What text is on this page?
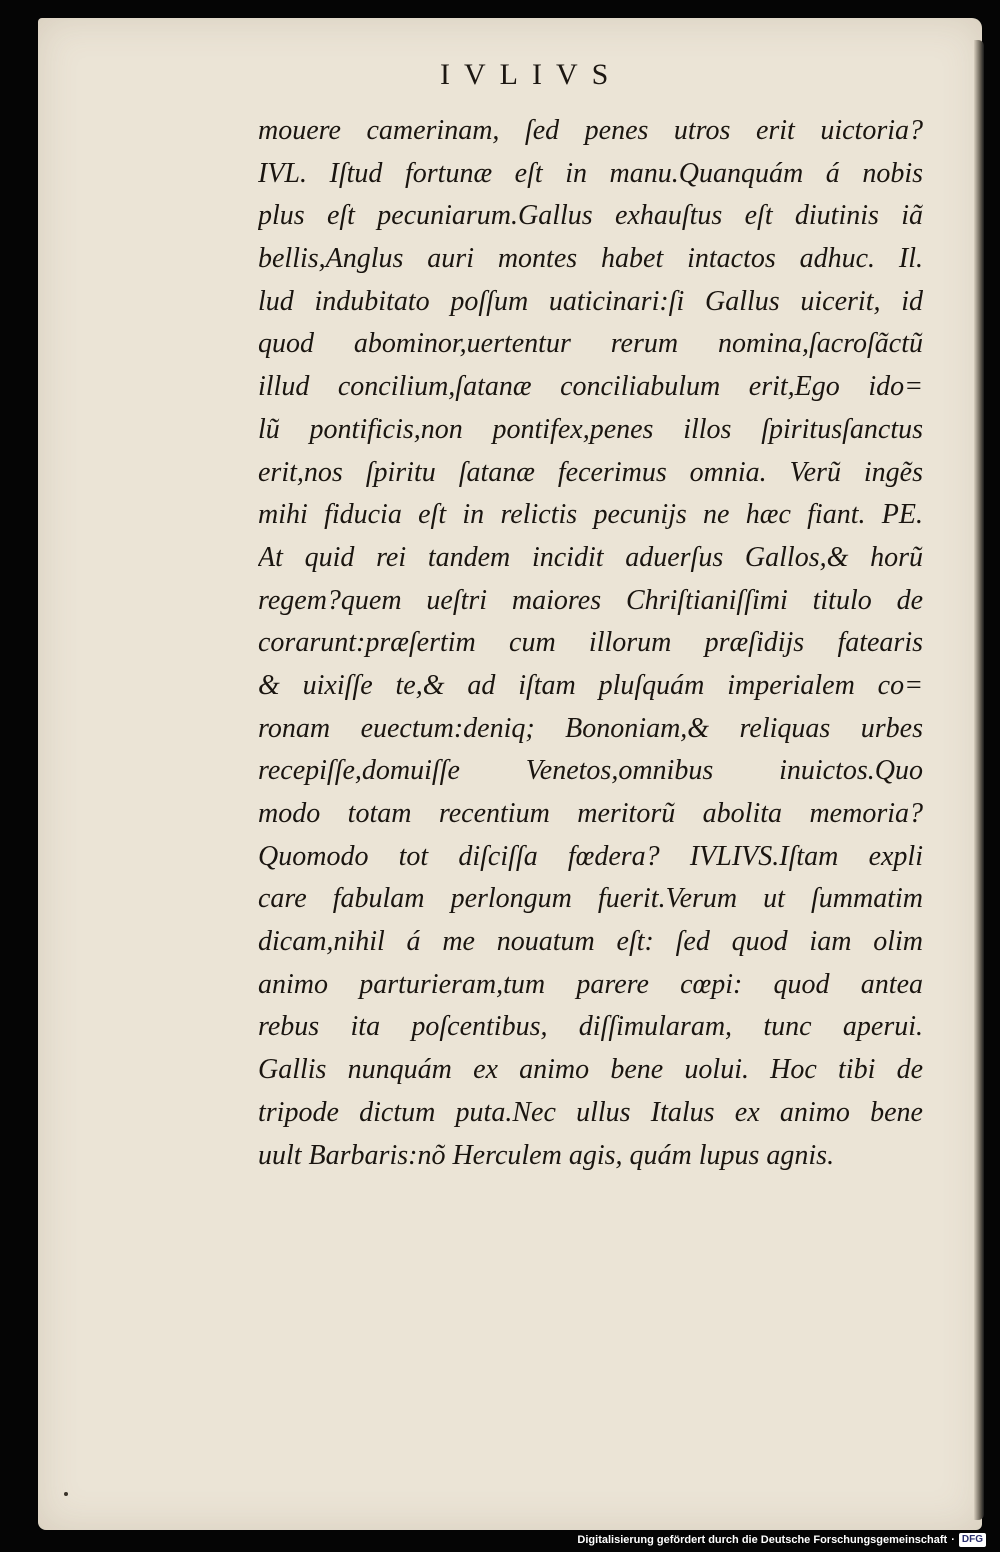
IVLIVS
mouere camerinam, ſed penes utros erit uictoria?
IVL. Iſtud fortunæ eſt in manu.Quanquám á nobis
plus eſt pecuniarum.Gallus exhauſtus eſt diutinis iã
bellis,Anglus auri montes habet intactos adhuc. Il.
lud indubitato poſſum uaticinari:ſi Gallus uicerit, id
quod abominor,uertentur rerum nomina,ſacroſãctũ
illud concilium,ſatanæ conciliabulum erit,Ego ido=
lũ pontificis,non pontifex,penes illos ſpiritusſanctus
erit,nos ſpiritu ſatanæ fecerimus omnia. Verũ ingẽs
mihi fiducia eſt in relictis pecunijs ne hæc fiant. PE.
At quid rei tandem incidit aduerſus Gallos,& horũ
regem?quem ueſtri maiores Chriſtianiſſimi titulo de
corarunt:præſertim cum illorum præſidijs fatearis
& uixiſſe te,& ad iſtam pluſquám imperialem co=
ronam euectum:deniq; Bononiam,& reliquas urbes
recepiſſe,domuiſſe Venetos,omnibus inuictos.Quo
modo totam recentium meritorũ abolita memoria?
Quomodo tot diſciſſa fœdera? IVLIVS.Iſtam expli
care fabulam perlongum fuerit.Verum ut ſummatim
dicam,nihil á me nouatum eſt: ſed quod iam olim
animo parturieram,tum parere cœpi: quod antea
rebus ita poſcentibus, diſſimularam, tunc aperui.
Gallis nunquám ex animo bene uolui. Hoc tibi de
tripode dictum puta.Nec ullus Italus ex animo bene
uult Barbaris:nõ Herculem agis, quám lupus agnis.
Digitalisierung gefördert durch die Deutsche Forschungsgemeinschaft · DFG
